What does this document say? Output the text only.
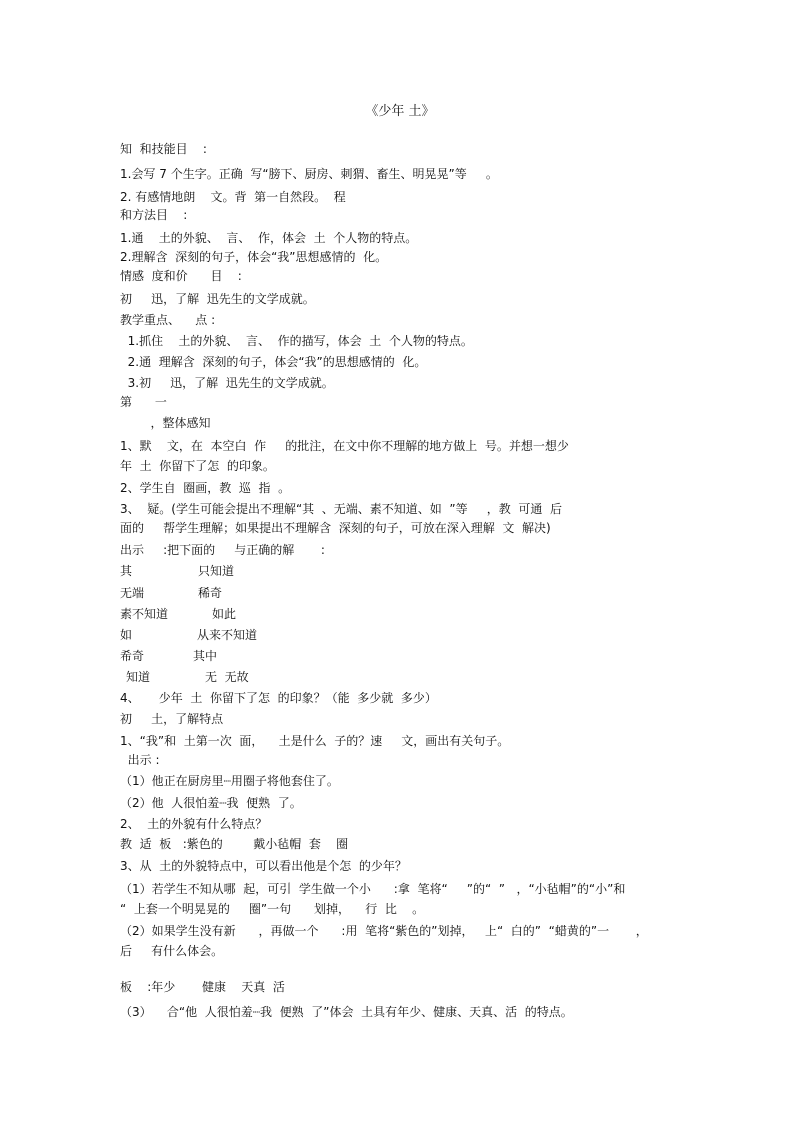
《少年 土》
知  和技能目    :
1.会写 7 个生字。正确  写“膀下、厨房、刺猬、畜生、明晃晃”等     。
2. 有感情地朗    文。背  第一自然段。  程
和方法目    :
1.通    土的外貌、  言、  作，体会  土  个人物的特点。
2.理解含  深刻的句子，体会“我”思想感情的  化。
情感  度和价      目    :
初     迅，了解  迅先生的文学成就。
教学重点、    点 :
1.抓住    土的外貌、  言、  作的描写，体会  土  个人物的特点。
2.通  理解含  深刻的句子，体会“我”的思想感情的  化。
3.初     迅，了解  迅先生的文学成就。
第      一
，整体感知
1、默    文，在  本空白  作     的批注，在文中你不理解的地方做上  号。并想一想少
年  土  你留下了怎  的印象。
2、学生自  圈画，教  巡  指  。
3、  疑。(学生可能会提出不理解“其  、无端、素不知道、如  ”等     ，教  可通  后
面的     帮学生理解；如果提出不理解含  深刻的句子，可放在深入理解  文  解决)
出示     :把下面的     与正确的解       :
其	只知道
无端	稀奇
素不知道	如此
如	从来不知道
希奇	其中
知道	无  无故
4、     少年  土  你留下了怎  的印象？（能  多少就  多少）
初     土，了解特点
1、“我”和  土第一次  面，    土是什么  子的？速     文，画出有关句子。
出示 :
（1）他正在厨房里┈用圈子将他套住了。
（2）他  人很怕羞┈我  便熟  了。
2、  土的外貌有什么特点？
教  适  板   :紫色的        戴小毡帽  套    圈
3、从  土的外貌特点中，可以看出他是个怎  的少年？
（1）若学生不知从哪  起，可引  学生做一个小      :拿  笔将“     ”的“  ”   ，“小毡帽”的“小”和
“  上套一个明晃晃的     圈”一句      划掉，    行  比    。
（2）如果学生没有新      ，再做一个      :用  笔将“紫色的”划掉，   上“  白的”  “蜡黄的”一       ，
后     有什么体会。
板    :年少       健康    天真  活
（3）    合“他  人很怕羞┈我  便熟  了”体会  土具有年少、健康、天真、活  的特点。
